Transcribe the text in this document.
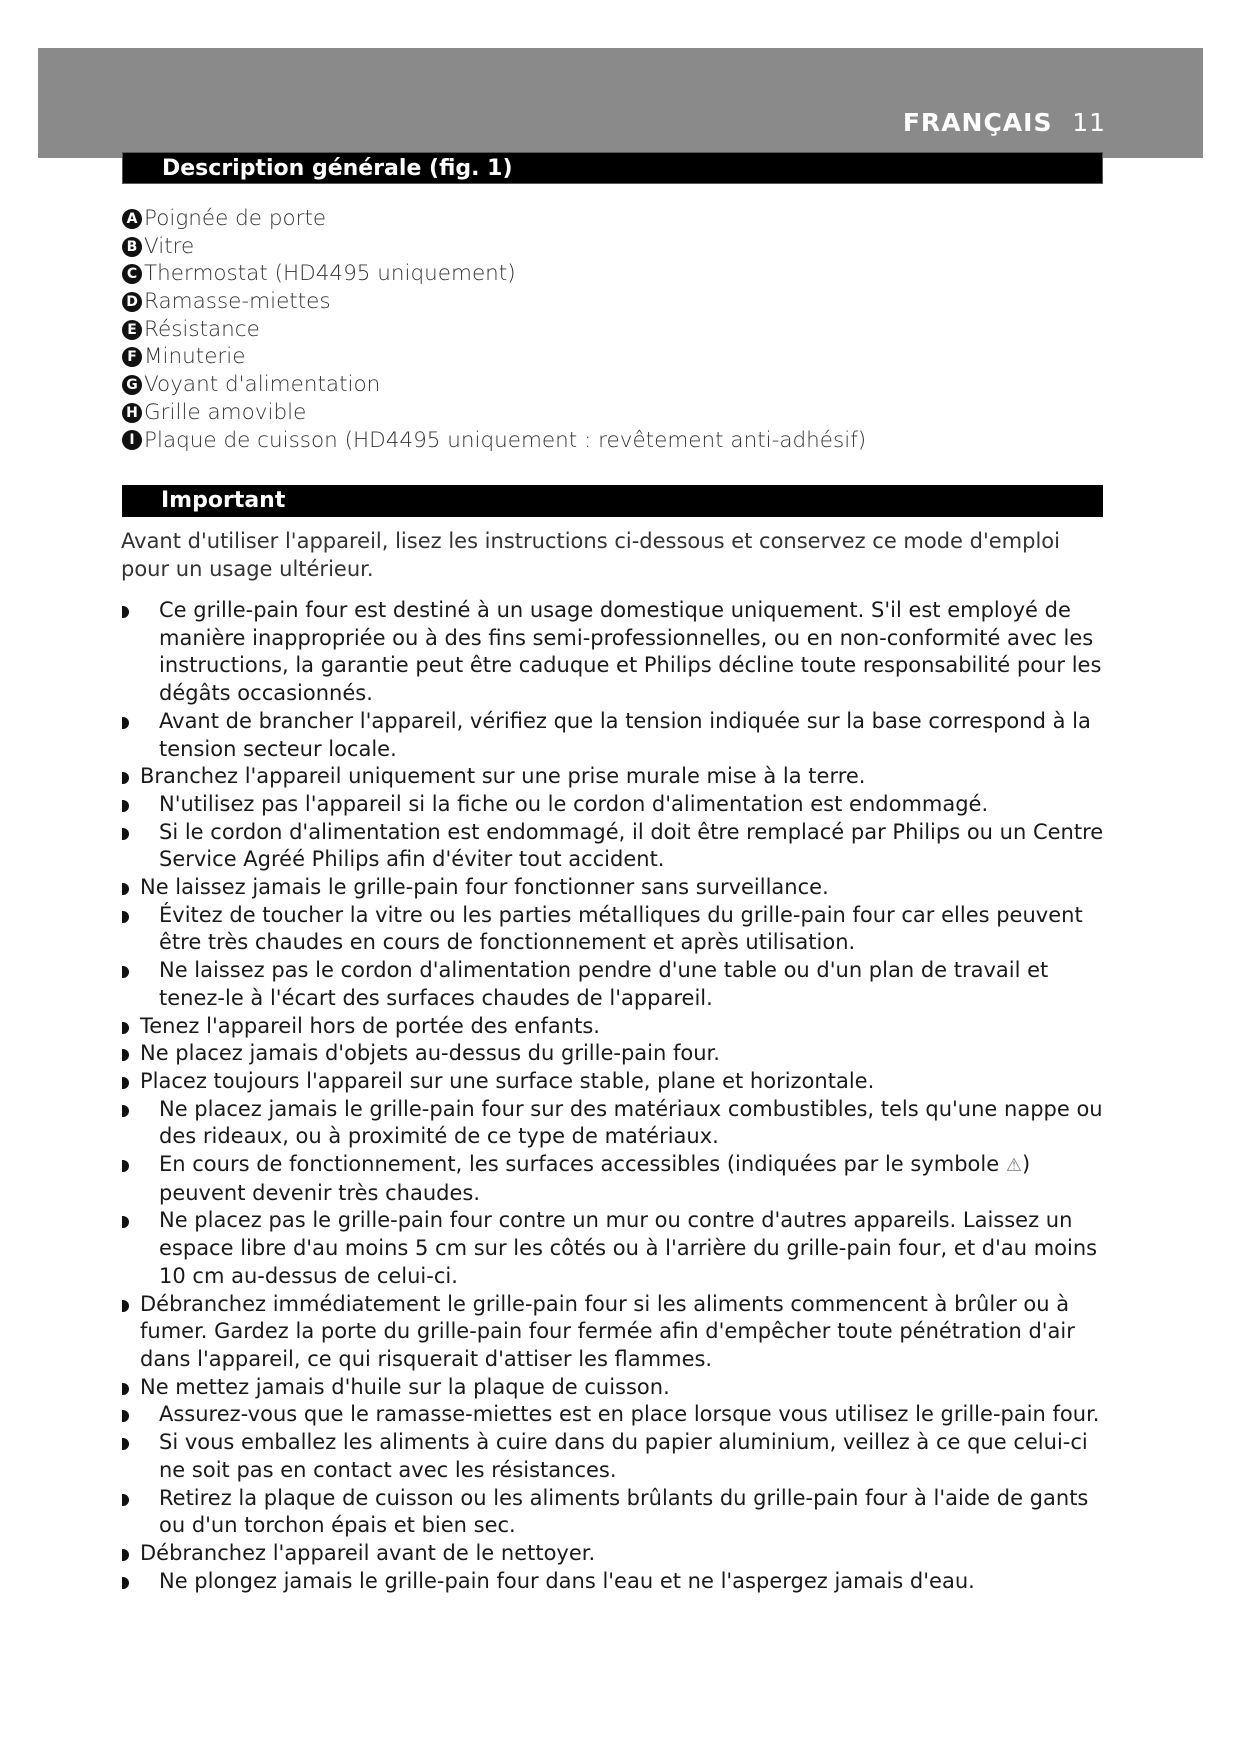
FRANÇAIS 11
Description générale (fig. 1)
A Poignée de porte
B Vitre
C Thermostat (HD4495 uniquement)
D Ramasse-miettes
E Résistance
F Minuterie
G Voyant d'alimentation
H Grille amovible
I Plaque de cuisson (HD4495 uniquement : revêtement anti-adhésif)
Important

Avant d'utiliser l'appareil, lisez les instructions ci-dessous et conservez ce mode d'emploi pour un usage ultérieur.

Ce grille-pain four est destiné à un usage domestique uniquement. S'il est employé de manière inappropriée ou à des fins semi-professionnelles, ou en non-conformité avec les instructions, la garantie peut être caduque et Philips décline toute responsabilité pour les dégâts occasionnés.
Avant de brancher l'appareil, vérifiez que la tension indiquée sur la base correspond à la tension secteur locale.
Branchez l'appareil uniquement sur une prise murale mise à la terre.
N'utilisez pas l'appareil si la fiche ou le cordon d'alimentation est endommagé.
Si le cordon d'alimentation est endommagé, il doit être remplacé par Philips ou un Centre Service Agréé Philips afin d'éviter tout accident.
Ne laissez jamais le grille-pain four fonctionner sans surveillance.
Évitez de toucher la vitre ou les parties métalliques du grille-pain four car elles peuvent être très chaudes en cours de fonctionnement et après utilisation.
Ne laissez pas le cordon d'alimentation pendre d'une table ou d'un plan de travail et tenez-le à l'écart des surfaces chaudes de l'appareil.
Tenez l'appareil hors de portée des enfants.
Ne placez jamais d'objets au-dessus du grille-pain four.
Placez toujours l'appareil sur une surface stable, plane et horizontale.
Ne placez jamais le grille-pain four sur des matériaux combustibles, tels qu'une nappe ou des rideaux, ou à proximité de ce type de matériaux.
En cours de fonctionnement, les surfaces accessibles (indiquées par le symbole ⚠) peuvent devenir très chaudes.
Ne placez pas le grille-pain four contre un mur ou contre d'autres appareils. Laissez un espace libre d'au moins 5 cm sur les côtés ou à l'arrière du grille-pain four, et d'au moins 10 cm au-dessus de celui-ci.
Débranchez immédiatement le grille-pain four si les aliments commencent à brûler ou à fumer. Gardez la porte du grille-pain four fermée afin d'empêcher toute pénétration d'air dans l'appareil, ce qui risquerait d'attiser les flammes.
Ne mettez jamais d'huile sur la plaque de cuisson.
Assurez-vous que le ramasse-miettes est en place lorsque vous utilisez le grille-pain four.
Si vous emballez les aliments à cuire dans du papier aluminium, veillez à ce que celui-ci ne soit pas en contact avec les résistances.
Retirez la plaque de cuisson ou les aliments brûlants du grille-pain four à l'aide de gants ou d'un torchon épais et bien sec.
Débranchez l'appareil avant de le nettoyer.
Ne plongez jamais le grille-pain four dans l'eau et ne l'aspergez jamais d'eau.
